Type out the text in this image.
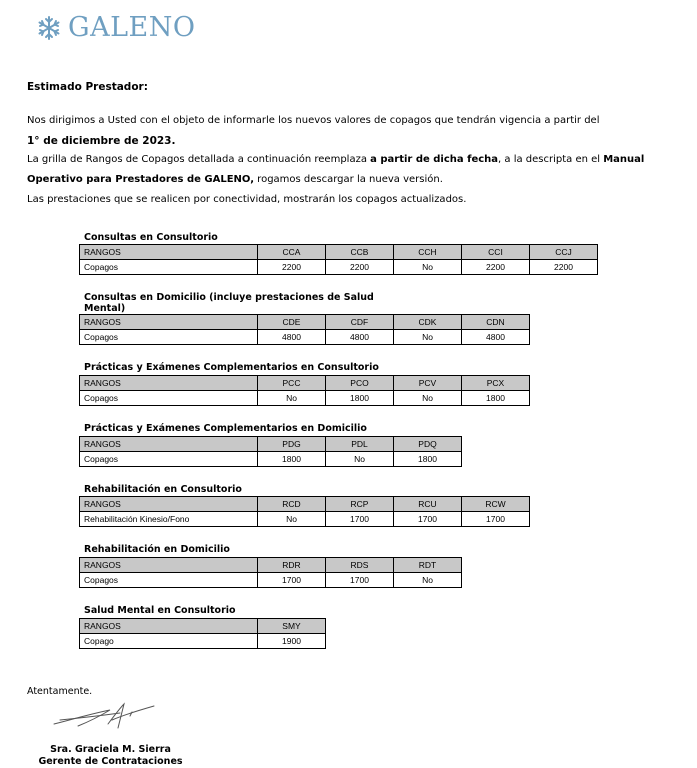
GALENO
Estimado Prestador:
Nos dirigimos a Usted con el objeto de informarle los nuevos valores de copagos que tendrán vigencia a partir del
1° de diciembre de 2023.
La grilla de Rangos de Copagos detallada a continuación reemplaza a partir de dicha fecha, a la descripta en el Manual
Operativo para Prestadores de GALENO, rogamos descargar la nueva versión.
Las prestaciones que se realicen por conectividad, mostrarán los copagos actualizados.
Consultas en Consultorio
RANGOS	CCA	CCB	CCH	CCI	CCJ
Copagos	2200	2200	No	2200	2200
Consultas en Domicilio (incluye prestaciones de Salud Mental)
RANGOS	CDE	CDF	CDK	CDN
Copagos	4800	4800	No	4800
Prácticas y Exámenes Complementarios en Consultorio
RANGOS	PCC	PCO	PCV	PCX
Copagos	No	1800	No	1800
Prácticas y Exámenes Complementarios en Domicilio
RANGOS	PDG	PDL	PDQ
Copagos	1800	No	1800
Rehabilitación en Consultorio
RANGOS	RCD	RCP	RCU	RCW
Rehabilitación Kinesio/Fono	No	1700	1700	1700
Rehabilitación en Domicilio
RANGOS	RDR	RDS	RDT
Copagos	1700	1700	No
Salud Mental en Consultorio
RANGOS	SMY
Copago	1900
Atentamente.
Sra. Graciela M. Sierra
Gerente de Contrataciones
